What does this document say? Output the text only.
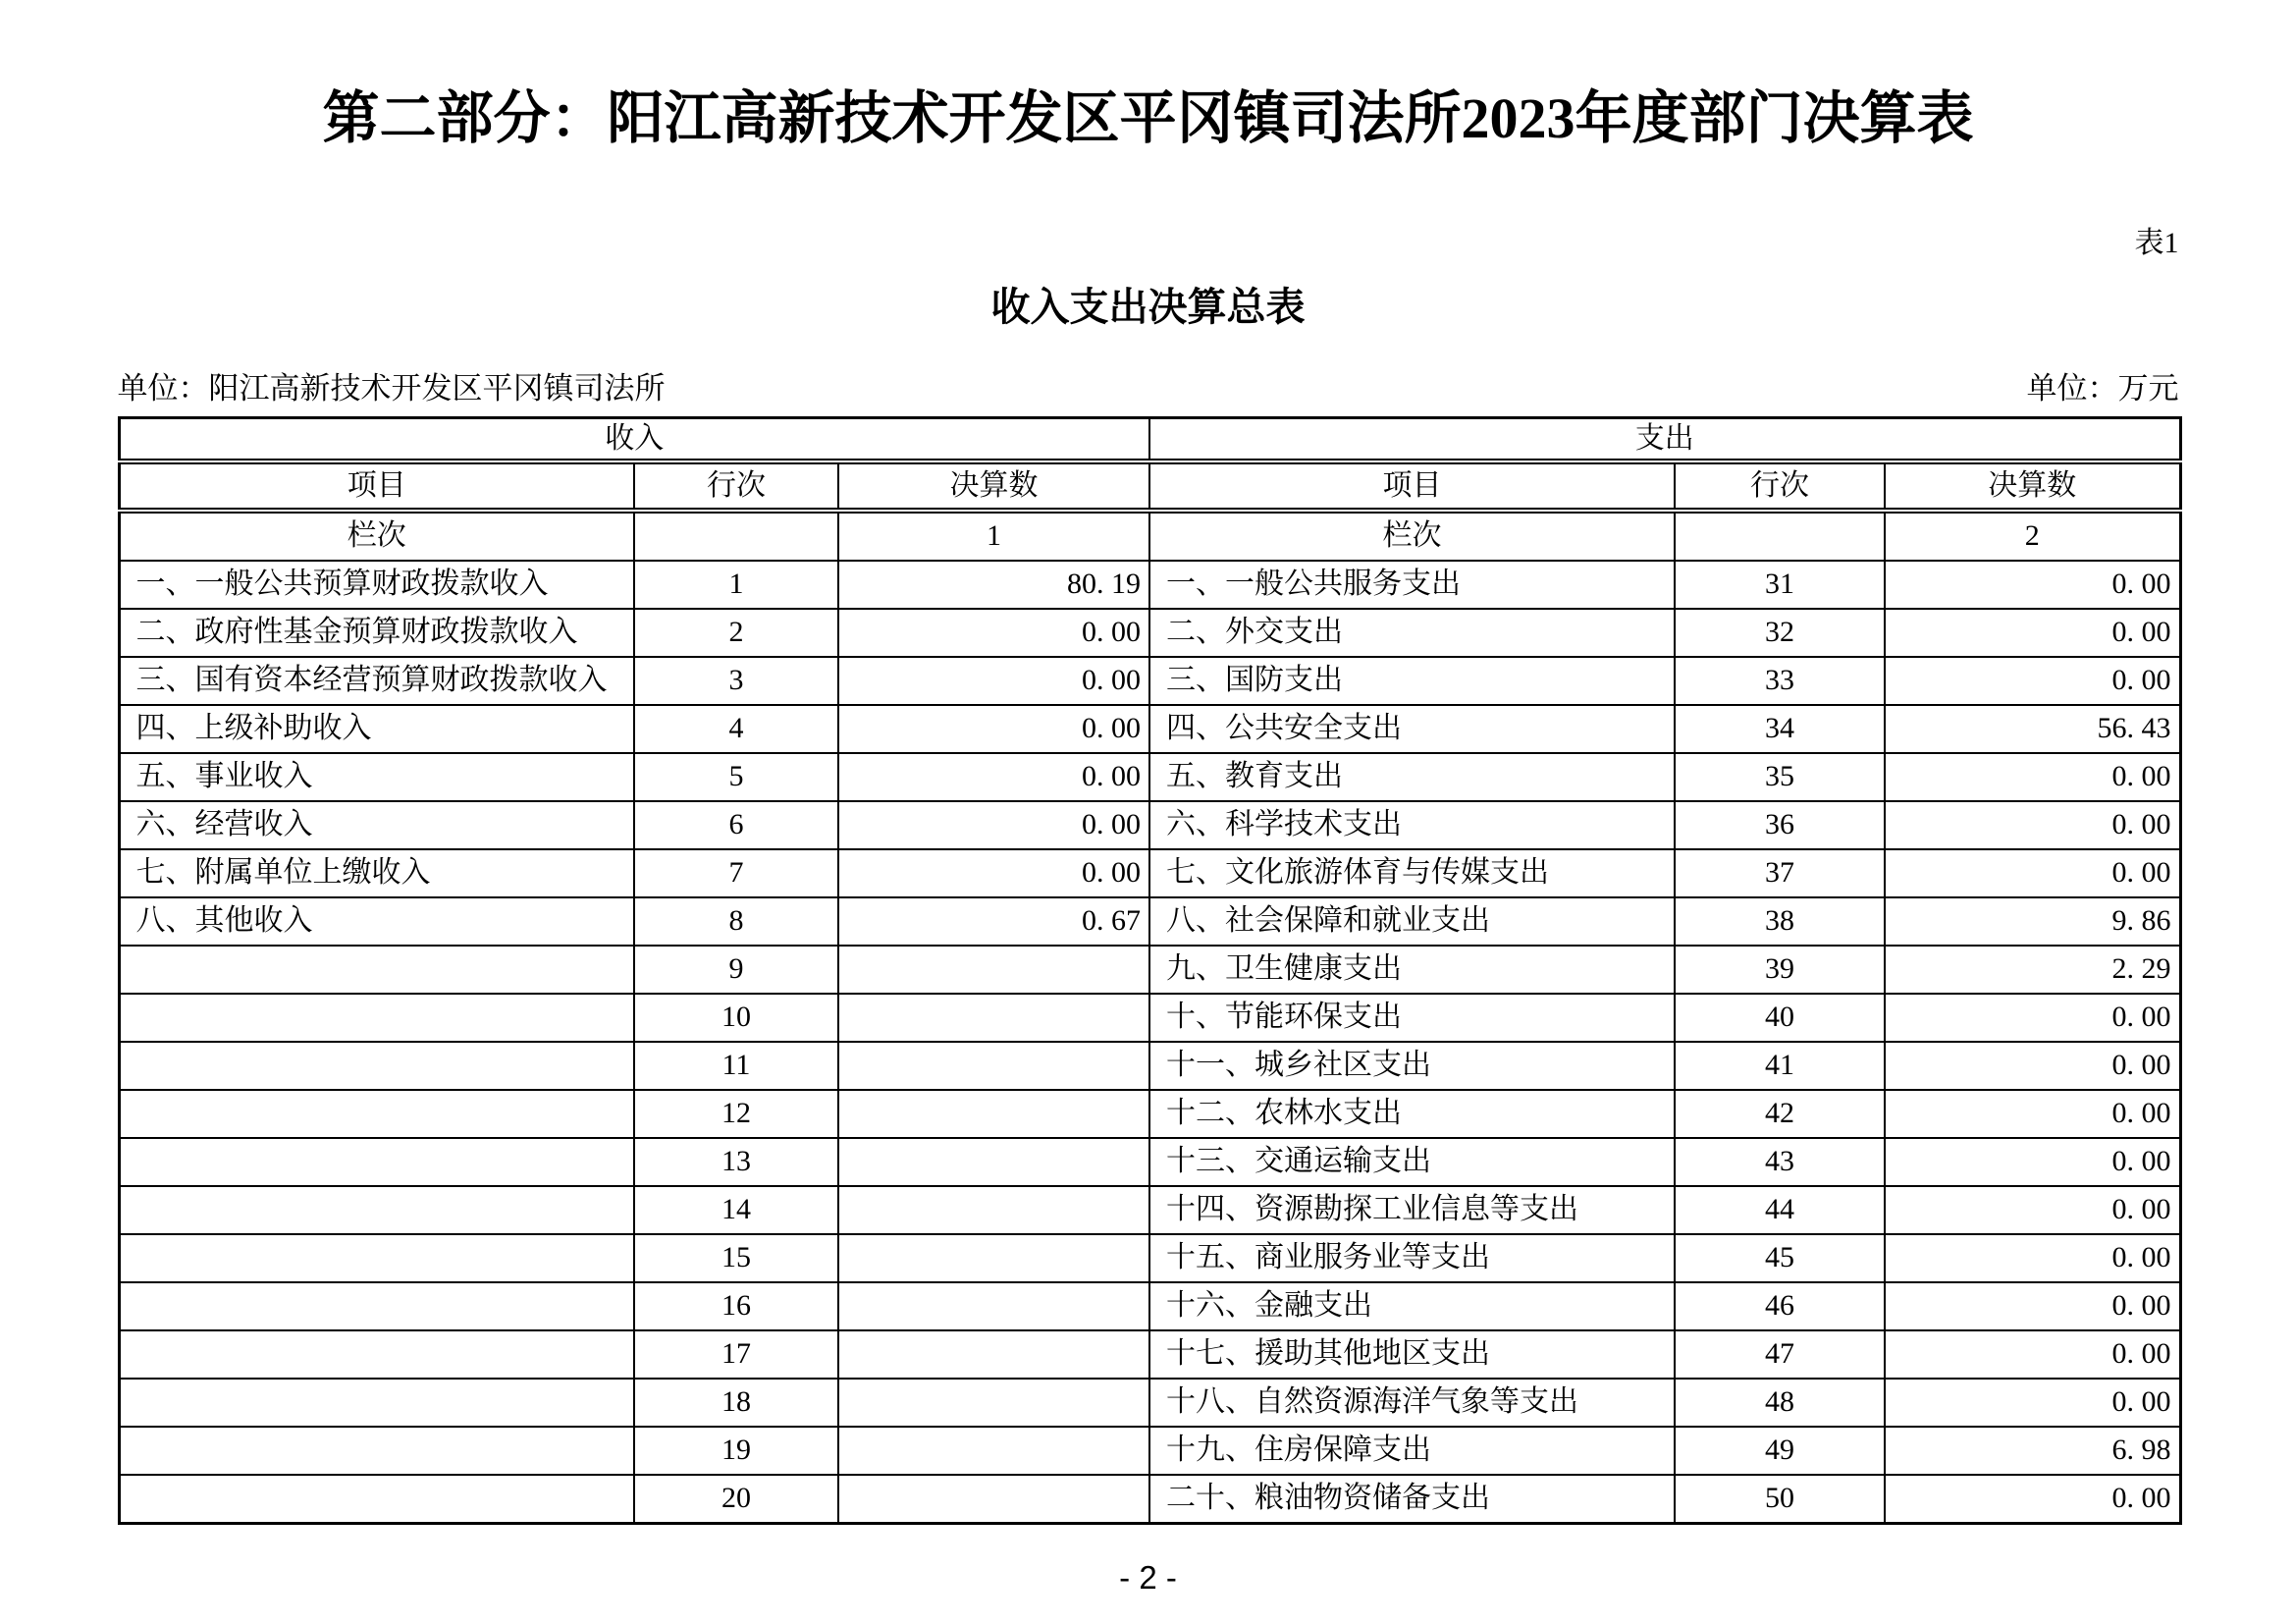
第二部分：阳江高新技术开发区平冈镇司法所2023年度部门决算表
表1
收入支出决算总表
单位：阳江高新技术开发区平冈镇司法所	单位：万元
收入			支出		
项目	行次	决算数	项目	行次	决算数
栏次		1	栏次		2
一、一般公共预算财政拨款收入	1	80. 19	一、一般公共服务支出	31	0. 00
二、政府性基金预算财政拨款收入	2	0. 00	二、外交支出	32	0. 00
三、国有资本经营预算财政拨款收入	3	0. 00	三、国防支出	33	0. 00
四、上级补助收入	4	0. 00	四、公共安全支出	34	56. 43
五、事业收入	5	0. 00	五、教育支出	35	0. 00
六、经营收入	6	0. 00	六、科学技术支出	36	0. 00
七、附属单位上缴收入	7	0. 00	七、文化旅游体育与传媒支出	37	0. 00
八、其他收入	8	0. 67	八、社会保障和就业支出	38	9. 86
	9		九、卫生健康支出	39	2. 29
	10		十、节能环保支出	40	0. 00
	11		十一、城乡社区支出	41	0. 00
	12		十二、农林水支出	42	0. 00
	13		十三、交通运输支出	43	0. 00
	14		十四、资源勘探工业信息等支出	44	0. 00
	15		十五、商业服务业等支出	45	0. 00
	16		十六、金融支出	46	0. 00
	17		十七、援助其他地区支出	47	0. 00
	18		十八、自然资源海洋气象等支出	48	0. 00
	19		十九、住房保障支出	49	6. 98
	20		二十、粮油物资储备支出	50	0. 00
- 2 -
